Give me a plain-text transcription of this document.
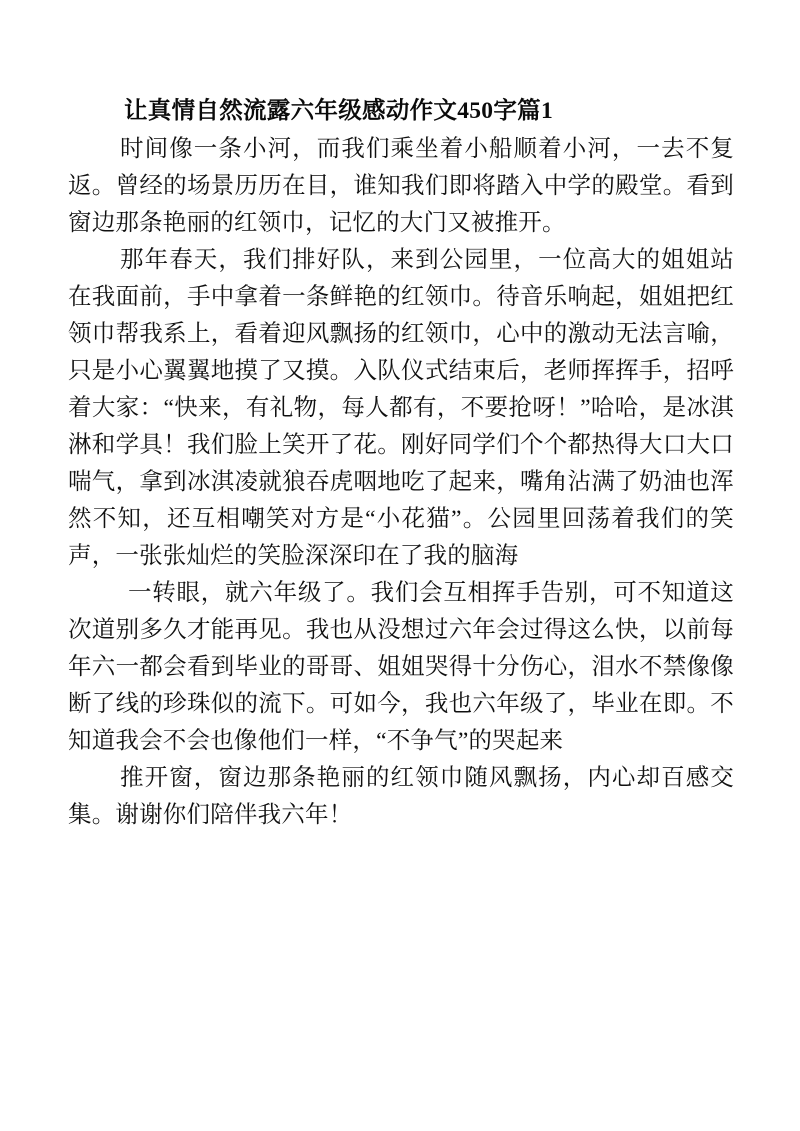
让真情自然流露六年级感动作文450字篇1

时间像一条小河，而我们乘坐着小船顺着小河，一去不复返。曾经的场景历历在目，谁知我们即将踏入中学的殿堂。看到窗边那条艳丽的红领巾，记忆的大门又被推开。

那年春天，我们排好队，来到公园里，一位高大的姐姐站在我面前，手中拿着一条鲜艳的红领巾。待音乐响起，姐姐把红领巾帮我系上，看着迎风飘扬的红领巾，心中的激动无法言喻，只是小心翼翼地摸了又摸。入队仪式结束后，老师挥挥手，招呼着大家：“快来，有礼物，每人都有，不要抢呀！”哈哈，是冰淇淋和学具！我们脸上笑开了花。刚好同学们个个都热得大口大口喘气，拿到冰淇凌就狼吞虎咽地吃了起来，嘴角沾满了奶油也浑然不知，还互相嘲笑对方是“小花猫”。公园里回荡着我们的笑声，一张张灿烂的笑脸深深印在了我的脑海

一转眼，就六年级了。我们会互相挥手告别，可不知道这次道别多久才能再见。我也从没想过六年会过得这么快，以前每年六一都会看到毕业的哥哥、姐姐哭得十分伤心，泪水不禁像像断了线的珍珠似的流下。可如今，我也六年级了，毕业在即。不知道我会不会也像他们一样，“不争气”的哭起来

推开窗，窗边那条艳丽的红领巾随风飘扬，内心却百感交集。谢谢你们陪伴我六年！
